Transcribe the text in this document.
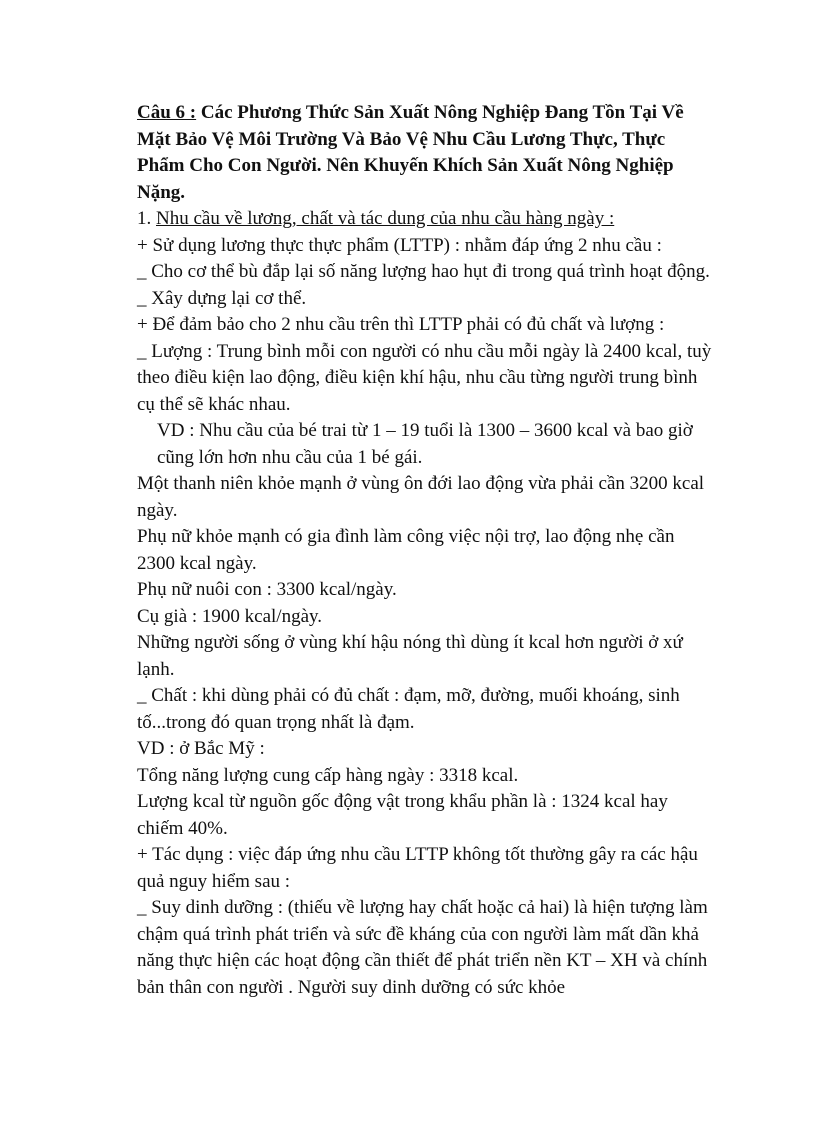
Câu 6 : Các Phương Thức Sản Xuất Nông Nghiệp Đang Tồn Tại Về Mặt Bảo Vệ Môi Trường Và Bảo Vệ Nhu Cầu Lương Thực, Thực Phẩm Cho Con Người. Nên Khuyến Khích Sản Xuất Nông Nghiệp Nặng.

1. Nhu cầu về lương, chất và tác dung của nhu cầu hàng ngày :

+ Sử dụng lương thực thực phẩm (LTTP) : nhằm đáp ứng 2 nhu cầu :

_ Cho cơ thể bù đắp lại số năng lượng hao hụt đi trong quá trình hoạt động.

_ Xây dựng lại cơ thể.

+ Để đảm bảo cho 2 nhu cầu trên thì LTTP phải có đủ chất và lượng :

_ Lượng : Trung bình mỗi con người có nhu cầu mỗi ngày là 2400 kcal, tuỳ theo điều kiện lao động, điều kiện khí hậu, nhu cầu từng người trung bình cụ thể sẽ khác nhau.

VD : Nhu cầu của bé trai từ 1 – 19 tuổi là 1300 – 3600 kcal và bao giờ cũng lớn hơn nhu cầu của 1 bé gái.

Một thanh niên khỏe mạnh ở vùng ôn đới lao động vừa phải cần 3200 kcal ngày.

Phụ nữ khỏe mạnh có gia đình làm công việc nội trợ, lao động nhẹ cần 2300 kcal ngày.

Phụ nữ nuôi con : 3300 kcal/ngày.

Cụ già : 1900 kcal/ngày.

Những người sống ở vùng khí hậu nóng thì dùng ít kcal hơn người ở xứ lạnh.

_ Chất : khi dùng phải có đủ chất : đạm, mỡ, đường, muối khoáng, sinh tố...trong đó quan trọng nhất là đạm.

VD : ở Bắc Mỹ :

Tổng năng lượng cung cấp hàng ngày : 3318 kcal.

Lượng kcal từ nguồn gốc động vật trong khẩu phần là : 1324 kcal hay chiếm 40%.

+ Tác dụng : việc đáp ứng nhu cầu LTTP không tốt thường gây ra các hậu quả nguy hiểm sau :

_ Suy dinh dưỡng : (thiếu về lượng hay chất hoặc cả hai) là hiện tượng làm chậm quá trình phát triển và sức đề kháng của con người làm mất dần khả năng thực hiện các hoạt động cần thiết để phát triển nền KT – XH và chính bản thân con người . Người suy dinh dưỡng có sức khỏe
